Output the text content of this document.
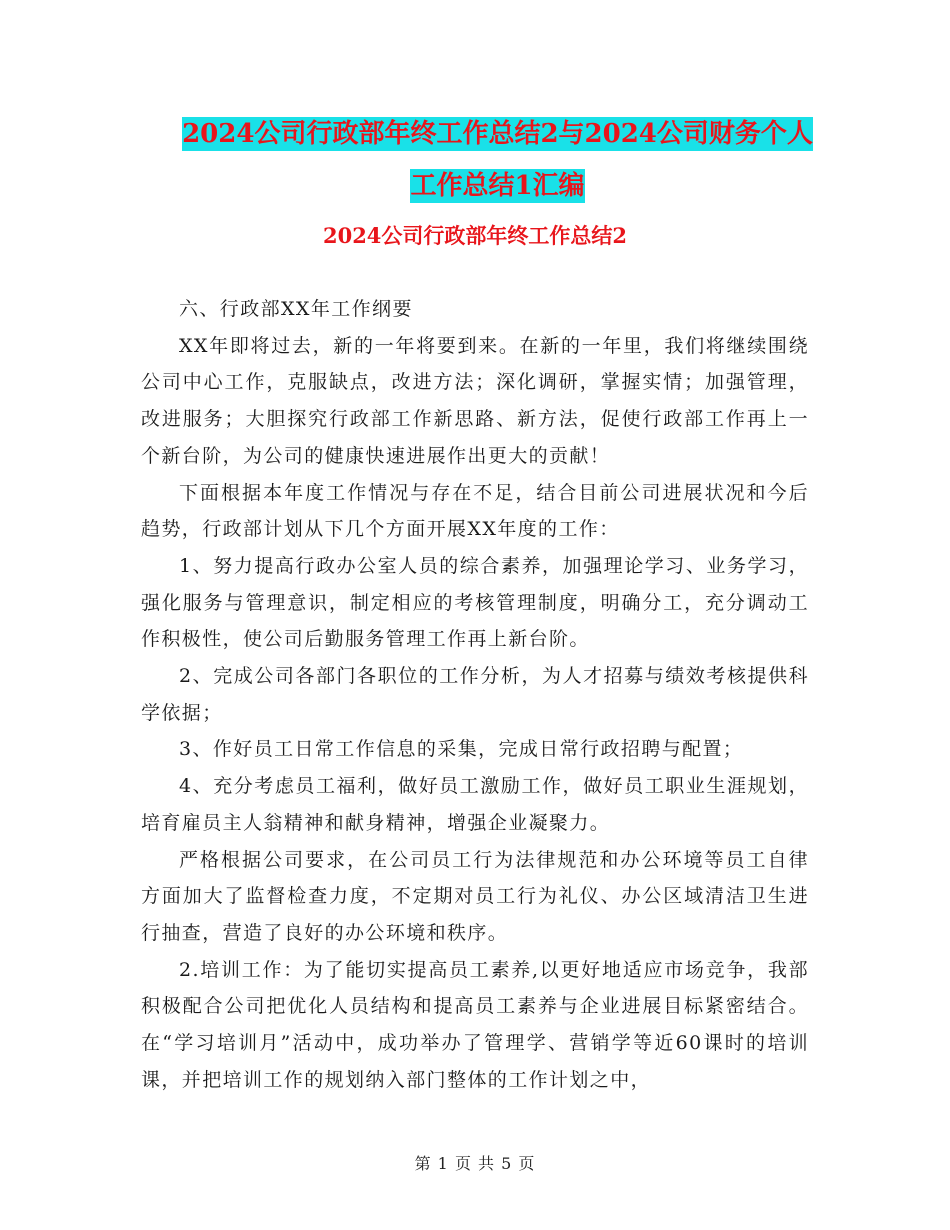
2024公司行政部年终工作总结2与2024公司财务个人
工作总结1汇编
2024公司行政部年终工作总结2

六、行政部XX年工作纲要

XX年即将过去，新的一年将要到来。在新的一年里，我们将继续围绕公司中心工作，克服缺点，改进方法；深化调研，掌握实情；加强管理，改进服务；大胆探究行政部工作新思路、新方法，促使行政部工作再上一个新台阶，为公司的健康快速进展作出更大的贡献！

下面根据本年度工作情况与存在不足，结合目前公司进展状况和今后趋势，行政部计划从下几个方面开展XX年度的工作：

1、努力提高行政办公室人员的综合素养，加强理论学习、业务学习，强化服务与管理意识，制定相应的考核管理制度，明确分工，充分调动工作积极性，使公司后勤服务管理工作再上新台阶。

2、完成公司各部门各职位的工作分析，为人才招募与绩效考核提供科学依据；

3、作好员工日常工作信息的采集，完成日常行政招聘与配置；

4、充分考虑员工福利，做好员工激励工作，做好员工职业生涯规划，培育雇员主人翁精神和献身精神，增强企业凝聚力。

严格根据公司要求，在公司员工行为法律规范和办公环境等员工自律方面加大了监督检查力度，不定期对员工行为礼仪、办公区域清洁卫生进行抽查，营造了良好的办公环境和秩序。

2.培训工作：为了能切实提高员工素养,以更好地适应市场竞争，我部积极配合公司把优化人员结构和提高员工素养与企业进展目标紧密结合。在“学习培训月”活动中，成功举办了管理学、营销学等近60课时的培训课，并把培训工作的规划纳入部门整体的工作计划之中，

第 1 页 共 5 页
